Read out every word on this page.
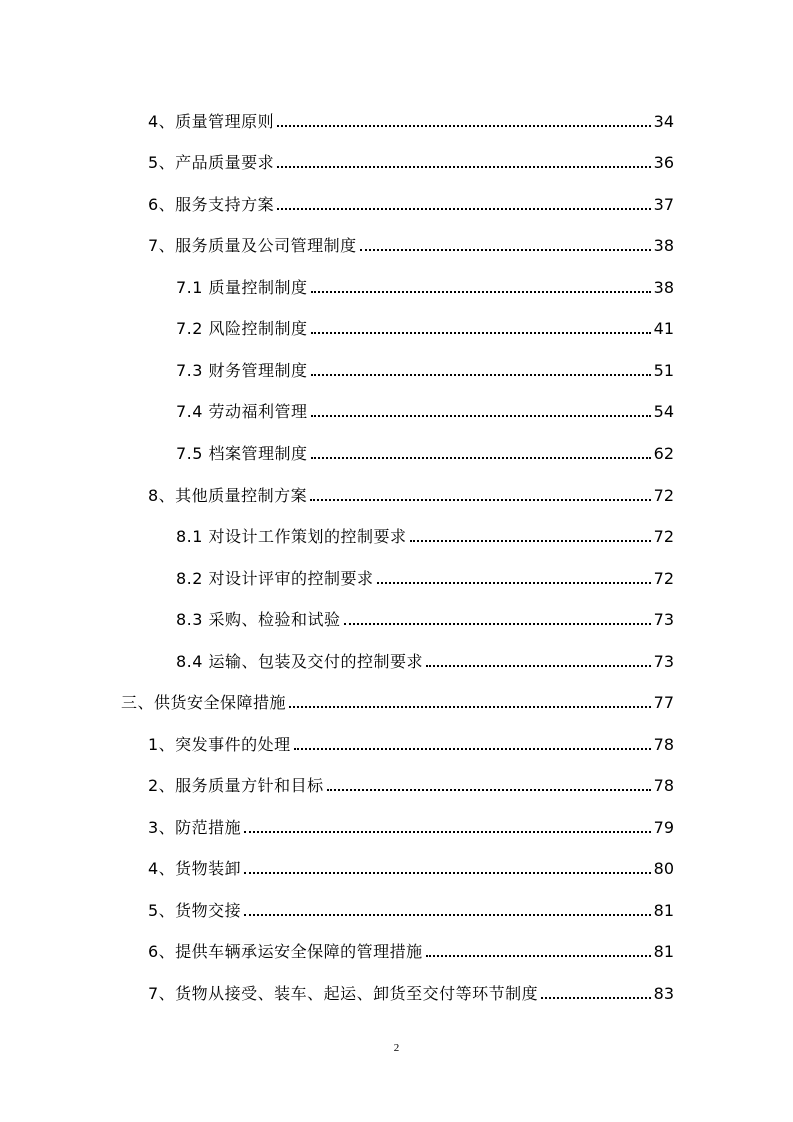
4、质量管理原则	34
5、产品质量要求	36
6、服务支持方案	37
7、服务质量及公司管理制度	38
7.1 质量控制制度	38
7.2 风险控制制度	41
7.3 财务管理制度	51
7.4 劳动福利管理	54
7.5 档案管理制度	62
8、其他质量控制方案	72
8.1 对设计工作策划的控制要求	72
8.2 对设计评审的控制要求	72
8.3 采购、检验和试验	73
8.4 运输、包装及交付的控制要求	73
三、供货安全保障措施	77
1、突发事件的处理	78
2、服务质量方针和目标	78
3、防范措施	79
4、货物装卸	80
5、货物交接	81
6、提供车辆承运安全保障的管理措施	81
7、货物从接受、装车、起运、卸货至交付等环节制度	83
2
